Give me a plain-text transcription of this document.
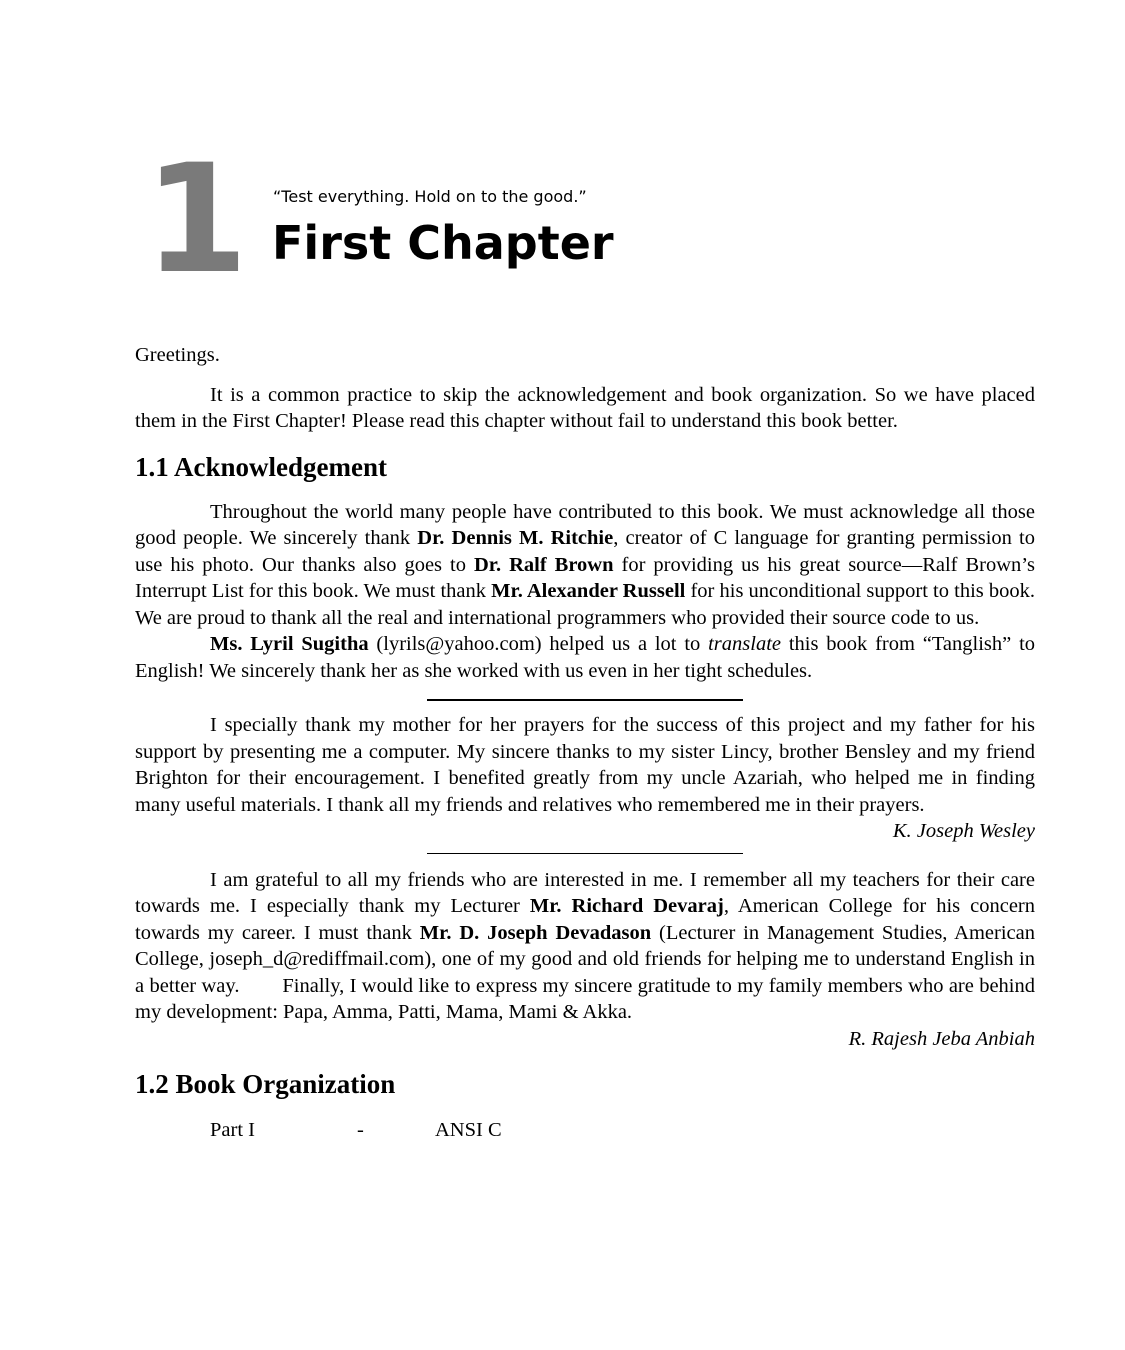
1 “Test everything. Hold on to the good.”
First Chapter

Greetings.

It is a common practice to skip the acknowledgement and book organization. So we have placed them in the First Chapter! Please read this chapter without fail to understand this book better.

1.1 Acknowledgement

Throughout the world many people have contributed to this book. We must acknowledge all those good people. We sincerely thank Dr. Dennis M. Ritchie, creator of C language for granting permission to use his photo. Our thanks also goes to Dr. Ralf Brown for providing us his great source—Ralf Brown’s Interrupt List for this book. We must thank Mr. Alexander Russell for his unconditional support to this book. We are proud to thank all the real and international programmers who provided their source code to us.

Ms. Lyril Sugitha (lyrils@yahoo.com) helped us a lot to translate this book from “Tanglish” to English! We sincerely thank her as she worked with us even in her tight schedules.

I specially thank my mother for her prayers for the success of this project and my father for his support by presenting me a computer. My sincere thanks to my sister Lincy, brother Bensley and my friend Brighton for their encouragement. I benefited greatly from my uncle Azariah, who helped me in finding many useful materials. I thank all my friends and relatives who remembered me in their prayers.

K. Joseph Wesley

I am grateful to all my friends who are interested in me. I remember all my teachers for their care towards me. I especially thank my Lecturer Mr. Richard Devaraj, American College for his concern towards my career. I must thank Mr. D. Joseph Devadason (Lecturer in Management Studies, American College, joseph_d@rediffmail.com), one of my good and old friends for helping me to understand English in a better way.        Finally, I would like to express my sincere gratitude to my family members who are behind my development: Papa, Amma, Patti, Mama, Mami & Akka.

R. Rajesh Jeba Anbiah

1.2 Book Organization
Part I	-	ANSI C
